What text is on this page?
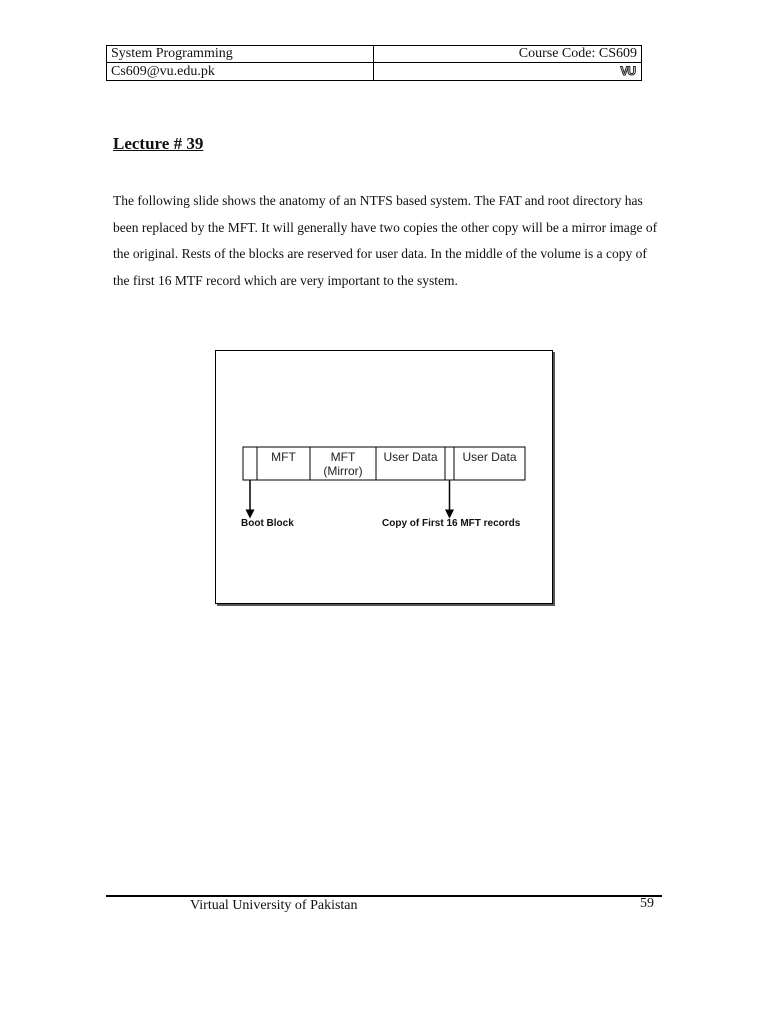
System Programming	Course Code: CS609
Cs609@vu.edu.pk	VU
Lecture # 39

The following slide shows the anatomy of an NTFS based system. The FAT and root directory has been replaced by the MFT. It will generally have two copies the other copy will be a mirror image of the original. Rests of the blocks are reserved for user data. In the middle of the volume is a copy of the first 16 MTF record which are very important to the system.

MFT	MFT
(Mirror)
User Data User Data
Boot Block	Copy of First 16 MFT records
Virtual University of Pakistan	59
